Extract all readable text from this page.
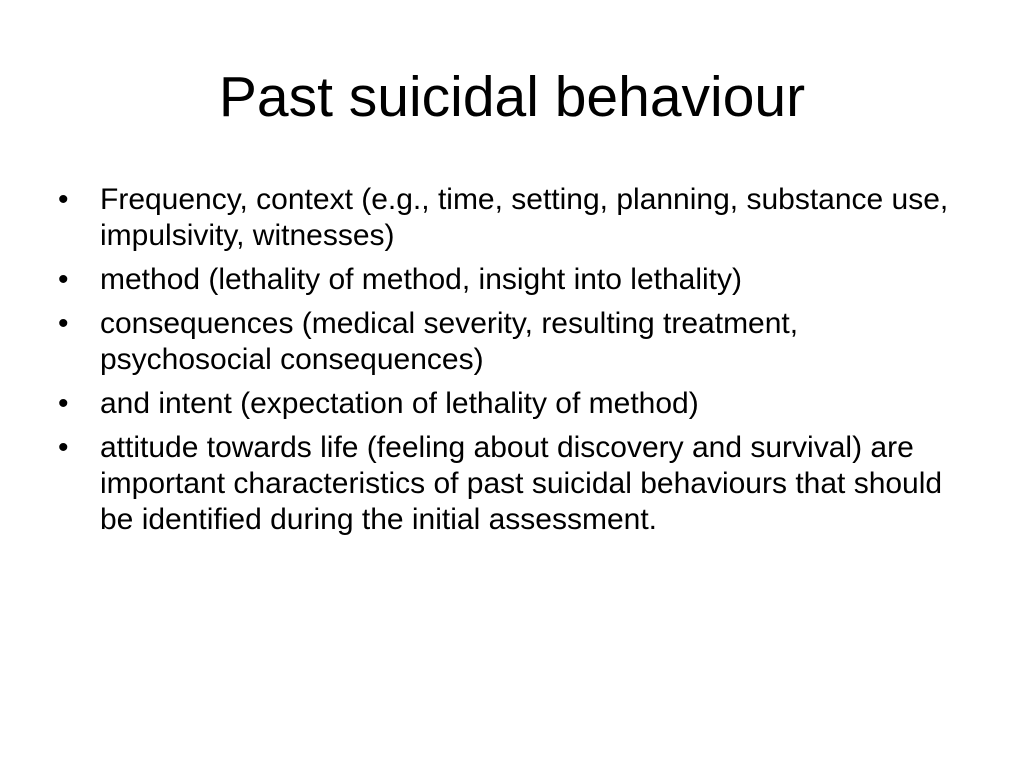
Past suicidal behaviour
•	Frequency, context (e.g., time, setting, planning, substance use, impulsivity, witnesses)
•	method (lethality of method, insight into lethality)
•	consequences (medical severity, resulting treatment, psychosocial consequences)
•	and intent (expectation of lethality of method)
•	attitude towards life (feeling about discovery and survival) are important characteristics of past suicidal behaviours that should be identified during the initial assessment.
